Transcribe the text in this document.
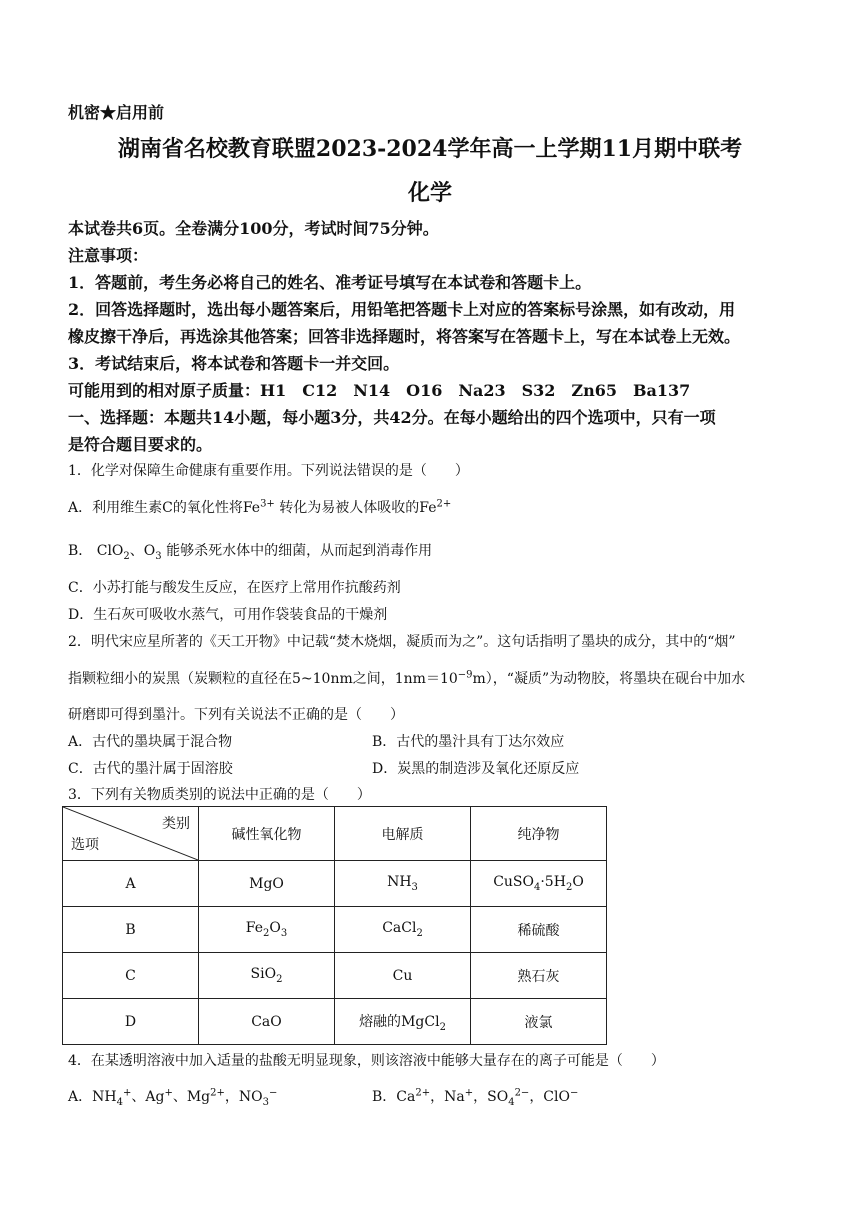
机密★启用前
湖南省名校教育联盟2023-2024学年高一上学期11月期中联考
化学
本试卷共6页。全卷满分100分，考试时间75分钟。
注意事项：
1．答题前，考生务必将自己的姓名、准考证号填写在本试卷和答题卡上。
2．回答选择题时，选出每小题答案后，用铅笔把答题卡上对应的答案标号涂黑，如有改动，用
橡皮擦干净后，再选涂其他答案；回答非选择题时，将答案写在答题卡上，写在本试卷上无效。
3．考试结束后，将本试卷和答题卡一并交回。
可能用到的相对原子质量：H1　C12　N14　O16　Na23　S32　Zn65　Ba137
一、选择题：本题共14小题，每小题3分，共42分。在每小题给出的四个选项中，只有一项
是符合题目要求的。
1．化学对保障生命健康有重要作用。下列说法错误的是（　　）
A．利用维生素C的氧化性将$Fe^{3+}$ 转化为易被人体吸收的$Fe^{2+}$
B． ClO$_2$、$O_3$ 能够杀死水体中的细菌，从而起到消毒作用
C．小苏打能与酸发生反应，在医疗上常用作抗酸药剂
D．生石灰可吸收水蒸气，可用作袋装食品的干燥剂
2．明代宋应星所著的《天工开物》中记载“焚木烧烟，凝质而为之”。这句话指明了墨块的成分，其中的“烟”
指颗粒细小的炭黑（炭颗粒的直径在5~10nm之间，$1nm=10^{-9}m$），“凝质”为动物胶，将墨块在砚台中加水
研磨即可得到墨汁。下列有关说法不正确的是（　　）
A．古代的墨块属于混合物	B．古代的墨汁具有丁达尔效应
C．古代的墨汁属于固溶胶	D．炭黑的制造涉及氧化还原反应
3．下列有关物质类别的说法中正确的是（　　）
类别
选项	碱性氧化物	电解质	纯净物
A	MgO	$NH_3$	$CuSO_4\cdot 5H_2O$
B	$Fe_2O_3$	CaCl$_2$	稀硫酸
C	SiO$_2$	Cu	熟石灰
D	CaO	熔融的MgCl$_2$	液氯
4．在某透明溶液中加入适量的盐酸无明显现象，则该溶液中能够大量存在的离子可能是（　　）
A．$NH_4^+$、Ag+、$Mg^{2+}$，$NO_3^-$	B．$Ca^{2+}$，Na+，$SO_4^{2-}$，ClO−
